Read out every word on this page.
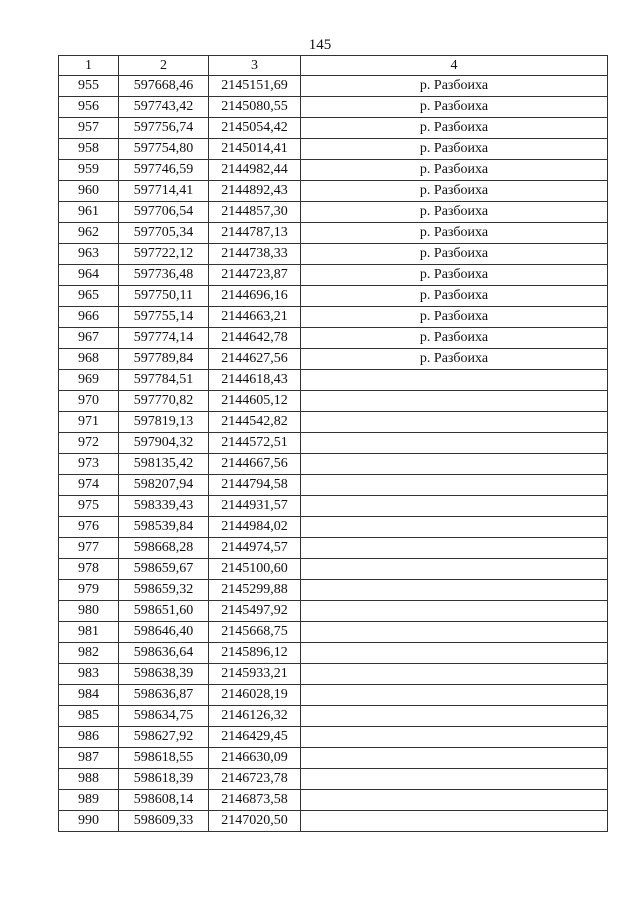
145
1	2	3	4
955	597668,46	2145151,69	р. Разбоиха
956	597743,42	2145080,55	р. Разбоиха
957	597756,74	2145054,42	р. Разбоиха
958	597754,80	2145014,41	р. Разбоиха
959	597746,59	2144982,44	р. Разбоиха
960	597714,41	2144892,43	р. Разбоиха
961	597706,54	2144857,30	р. Разбоиха
962	597705,34	2144787,13	р. Разбоиха
963	597722,12	2144738,33	р. Разбоиха
964	597736,48	2144723,87	р. Разбоиха
965	597750,11	2144696,16	р. Разбоиха
966	597755,14	2144663,21	р. Разбоиха
967	597774,14	2144642,78	р. Разбоиха
968	597789,84	2144627,56	р. Разбоиха
969	597784,51	2144618,43	
970	597770,82	2144605,12	
971	597819,13	2144542,82	
972	597904,32	2144572,51	
973	598135,42	2144667,56	
974	598207,94	2144794,58	
975	598339,43	2144931,57	
976	598539,84	2144984,02	
977	598668,28	2144974,57	
978	598659,67	2145100,60	
979	598659,32	2145299,88	
980	598651,60	2145497,92	
981	598646,40	2145668,75	
982	598636,64	2145896,12	
983	598638,39	2145933,21	
984	598636,87	2146028,19	
985	598634,75	2146126,32	
986	598627,92	2146429,45	
987	598618,55	2146630,09	
988	598618,39	2146723,78	
989	598608,14	2146873,58	
990	598609,33	2147020,50	
